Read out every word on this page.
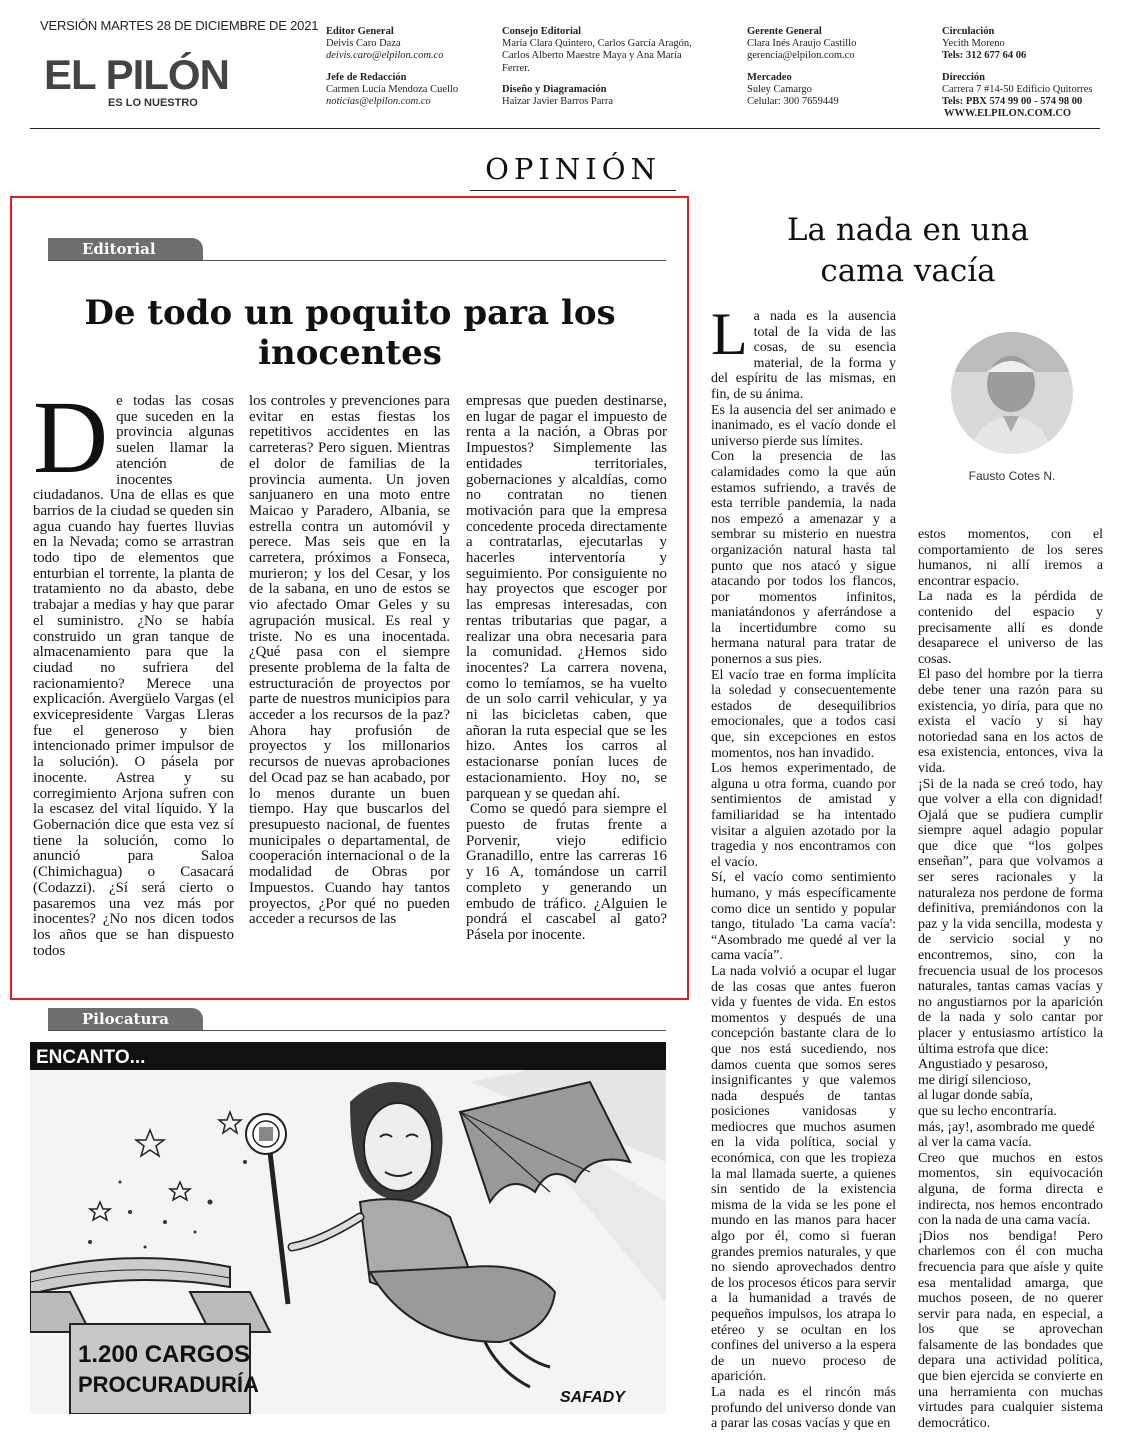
VERSIÓN MARTES 28 DE DICIEMBRE DE 2021
EL PILÓN
ES LO NUESTRO
Editor General
Deivis Caro Daza
deivis.caro@elpilon.com.co
Jefe de Redacción
Carmen Lucía Mendoza Cuello
noticias@elpilon.com.co
Consejo Editorial
María Clara Quintero, Carlos García Aragón,
Carlos Alberto Maestre Maya y Ana María
Ferrer.
Diseño y Diagramación
Haizar Javier Barros Parra
Gerente General
Clara Inés Araujo Castillo
gerencia@elpilon.com.co
Mercadeo
Suley Camargo
Celular: 300 7659449
Circulación
Yecith Moreno
Tels: 312 677 64 06
Dirección
Carrera 7 #14-50 Edificio Quitorres
Tels: PBX 574 99 00 - 574 98 00
WWW.ELPILON.COM.CO
OPINIÓN
Editorial
De todo un poquito para los inocentes
D e todas las cosas que suceden en la provincia algunas suelen llamar la atención de inocentes ciudadanos. Una de ellas es que barrios de la ciudad se queden sin agua cuando hay fuertes lluvias en la Nevada; como se arrastran todo tipo de elementos que enturbian el torrente, la planta de tratamiento no da abasto, debe trabajar a medias y hay que parar el suministro. ¿No se había construido un gran tanque de almacenamiento para que la ciudad no sufriera del racionamiento? Merece una explicación. Avergüelo Vargas (el exvicepresidente Vargas Lleras fue el generoso y bien intencionado primer impulsor de la solución). O pásela por inocente. Astrea y su corregimiento Arjona sufren con la escasez del vital líquido. Y la Gobernación dice que esta vez sí tiene la solución, como lo anunció para Saloa (Chimichagua) o Casacará (Codazzi). ¿Sí será cierto o pasaremos una vez más por inocentes? ¿No nos dicen todos los años que se han dispuesto todos

los controles y prevenciones para evitar en estas fiestas los repetitivos accidentes en las carreteras? Pero siguen. Mientras el dolor de familias de la provincia aumenta. Un joven sanjuanero en una moto entre Maicao y Paradero, Albania, se estrella contra un automóvil y perece. Mas seis que en la carretera, próximos a Fonseca, murieron; y los del Cesar, y los de la sabana, en uno de estos se vio afectado Omar Geles y su agrupación musical. Es real y triste. No es una inocentada. ¿Qué pasa con el siempre presente problema de la falta de estructuración de proyectos por parte de nuestros municipios para acceder a los recursos de la paz? Ahora hay profusión de proyectos y los millonarios recursos de nuevas aprobaciones del Ocad paz se han acabado, por lo menos durante un buen tiempo. Hay que buscarlos del presupuesto nacional, de fuentes municipales o departamental, de cooperación internacional o de la modalidad de Obras por Impuestos. Cuando hay tantos proyectos, ¿Por qué no pueden acceder a recursos de las

empresas que pueden destinarse, en lugar de pagar el impuesto de renta a la nación, a Obras por Impuestos? Simplemente las entidades territoriales, gobernaciones y alcaldías, como no contratan no tienen motivación para que la empresa concedente proceda directamente a contratarlas, ejecutarlas y hacerles interventoría y seguimiento. Por consiguiente no hay proyectos que escoger por las empresas interesadas, con rentas tributarias que pagar, a realizar una obra necesaria para la comunidad. ¿Hemos sido inocentes? La carrera novena, como lo temíamos, se ha vuelto de un solo carril vehicular, y ya ni las bicicletas caben, que añoran la ruta especial que se les hizo. Antes los carros al estacionarse ponían luces de estacionamiento. Hoy no, se parquean y se quedan ahí.

Como se quedó para siempre el puesto de frutas frente a Porvenir, viejo edificio Granadillo, entre las carreras 16 y 16 A, tomándose un carril completo y generando un embudo de tráfico. ¿Alguien le pondrá el cascabel al gato? Pásela por inocente.

Pilocatura
ENCANTO...
1.200 CARGOS
PROCURADURÍA
SAFADY
La nada en una
cama vacía
Fausto Cotes N.
L a nada es la ausencia total de la vida de las cosas, de su esencia material, de la forma y del espíritu de las mismas, en fin, de su ánima.

Es la ausencia del ser animado e inanimado, es el vacío donde el universo pierde sus límites.

Con la presencia de las calamidades como la que aún estamos sufriendo, a través de esta terrible pandemia, la nada nos empezó a amenazar y a sembrar su misterio en nuestra organización natural hasta tal punto que nos atacó y sigue atacando por todos los flancos, por momentos infinitos, maniatándonos y aferrándose a la incertidumbre como su hermana natural para tratar de ponernos a sus pies.

El vacío trae en forma implícita la soledad y consecuentemente estados de desequilibrios emocionales, que a todos casi que, sin excepciones en estos momentos, nos han invadido.

Los hemos experimentado, de alguna u otra forma, cuando por sentimientos de amistad y familiaridad se ha intentado visitar a alguien azotado por la tragedia y nos encontramos con el vacío.

Sí, el vacío como sentimiento humano, y más específicamente como dice un sentido y popular tango, titulado 'La cama vacía': “Asombrado me quedé al ver la cama vacía”.

La nada volvió a ocupar el lugar de las cosas que antes fueron vida y fuentes de vida. En estos momentos y después de una concepción bastante clara de lo que nos está sucediendo, nos damos cuenta que somos seres insignificantes y que valemos nada después de tantas posiciones vanidosas y mediocres que muchos asumen en la vida política, social y económica, con que les tropieza la mal llamada suerte, a quienes sin sentido de la existencia misma de la vida se les pone el mundo en las manos para hacer algo por él, como si fueran grandes premios naturales, y que no siendo aprovechados dentro de los procesos éticos para servir a la humanidad a través de pequeños impulsos, los atrapa lo etéreo y se ocultan en los confines del universo a la espera de un nuevo proceso de aparición.

La nada es el rincón más profundo del universo donde van a parar las cosas vacías y que en

estos momentos, con el comportamiento de los seres humanos, ni allí iremos a encontrar espacio.

La nada es la pérdida de contenido del espacio y precisamente allí es donde desaparece el universo de las cosas.

El paso del hombre por la tierra debe tener una razón para su existencia, yo diría, para que no exista el vacío y si hay notoriedad sana en los actos de esa existencia, entonces, viva la vida.

¡Si de la nada se creó todo, hay que volver a ella con dignidad! Ojalá que se pudiera cumplir siempre aquel adagio popular que dice que “los golpes enseñan”, para que volvamos a ser seres racionales y la naturaleza nos perdone de forma definitiva, premiándonos con la paz y la vida sencilla, modesta y de servicio social y no encontremos, sino, con la frecuencia usual de los procesos naturales, tantas camas vacías y no angustiarnos por la aparición de la nada y solo cantar por placer y entusiasmo artístico la última estrofa que dice:

Angustiado y pesaroso,

me dirigí silencioso,

al lugar donde sabía,

que su lecho encontraría.

más, ¡ay!, asombrado me quedé al ver la cama vacía.

Creo que muchos en estos momentos, sin equivocación alguna, de forma directa e indirecta, nos hemos encontrado con la nada de una cama vacía.

¡Dios nos bendiga! Pero charlemos con él con mucha frecuencia para que aísle y quite esa mentalidad amarga, que muchos poseen, de no querer servir para nada, en especial, a los que se aprovechan falsamente de las bondades que depara una actividad política, que bien ejercida se convierte en una herramienta con muchas virtudes para cualquier sistema democrático.
